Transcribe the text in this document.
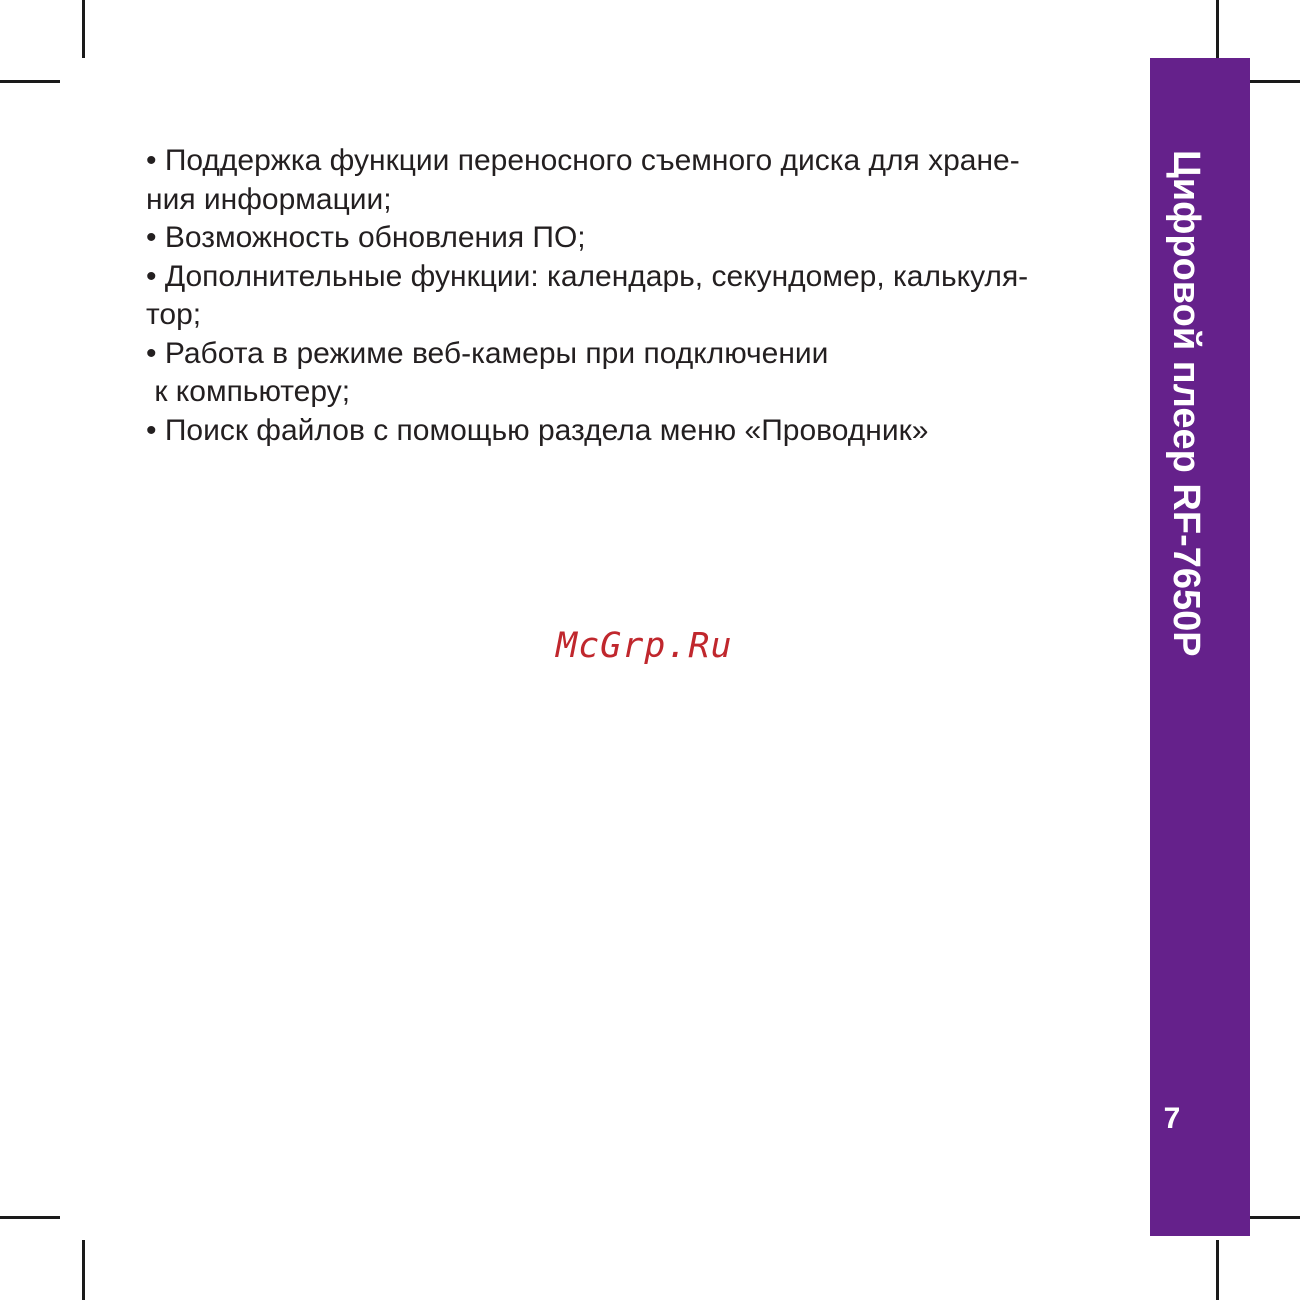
• Поддержка функции переносного съемного диска для хране-

ния информации;

• Возможность обновления ПО;

• Дополнительные функции: календарь, секундомер, калькуля-

тор;

• Работа в режиме веб-камеры при подключении

к компьютеру;

• Поиск файлов с помощью раздела меню «Проводник»

McGrp.Ru	Цифровой плеер RF-7650P
7
